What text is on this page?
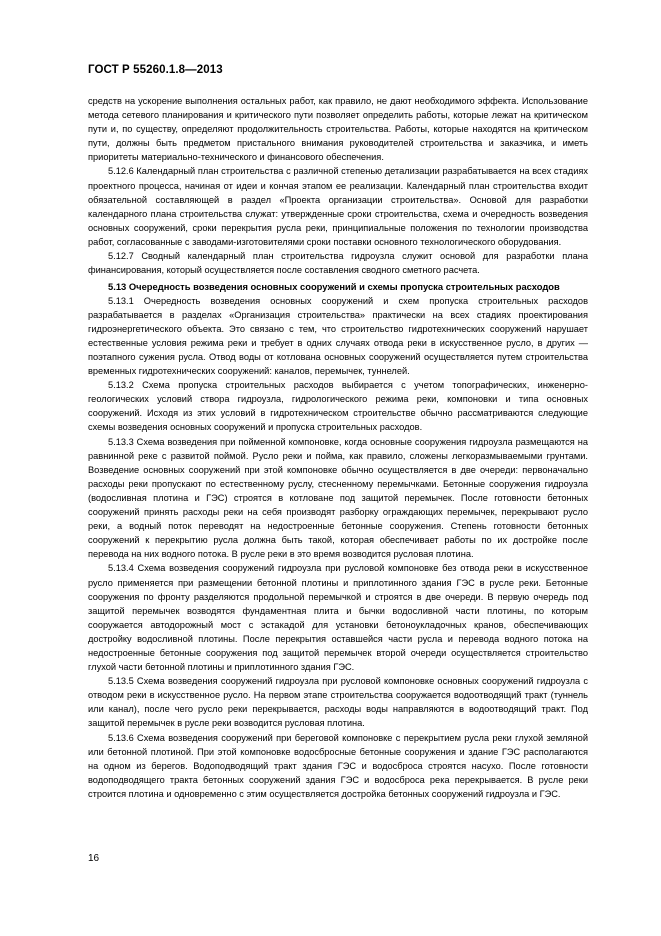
ГОСТ Р 55260.1.8—2013

средств на ускорение выполнения остальных работ, как правило, не дают необходимого эффекта. Использование метода сетевого планирования и критического пути позволяет определить работы, которые лежат на критическом пути и, по существу, определяют продолжительность строительства. Работы, которые находятся на критическом пути, должны быть предметом пристального внимания руководителей строительства и заказчика, и иметь приоритеты материально-технического и финансового обеспечения.

5.12.6 Календарный план строительства с различной степенью детализации разрабатывается на всех стадиях проектного процесса, начиная от идеи и кончая этапом ее реализации. Календарный план строительства входит обязательной составляющей в раздел «Проекта организации строительства». Основой для разработки календарного плана строительства служат: утвержденные сроки строительства, схема и очередность возведения основных сооружений, сроки перекрытия русла реки, принципиальные положения по технологии производства работ, согласованные с заводами-изготовителями сроки поставки основного технологического оборудования.

5.12.7 Сводный календарный план строительства гидроузла служит основой для разработки плана финансирования, который осуществляется после составления сводного сметного расчета.

5.13 Очередность возведения основных сооружений и схемы пропуска строительных расходов

5.13.1 Очередность возведения основных сооружений и схем пропуска строительных расходов разрабатывается в разделах «Организация строительства» практически на всех стадиях проектирования гидроэнергетического объекта. Это связано с тем, что строительство гидротехнических сооружений нарушает естественные условия режима реки и требует в одних случаях отвода реки в искусственное русло, в других — поэтапного сужения русла. Отвод воды от котлована основных сооружений осуществляется путем строительства временных гидротехнических сооружений: каналов, перемычек, туннелей.

5.13.2 Схема пропуска строительных расходов выбирается с учетом топографических, инженерно-геологических условий створа гидроузла, гидрологического режима реки, компоновки и типа основных сооружений. Исходя из этих условий в гидротехническом строительстве обычно рассматриваются следующие схемы возведения основных сооружений и пропуска строительных расходов.

5.13.3 Схема возведения при пойменной компоновке, когда основные сооружения гидроузла размещаются на равнинной реке с развитой поймой. Русло реки и пойма, как правило, сложены легкоразмываемыми грунтами. Возведение основных сооружений при этой компоновке обычно осуществляется в две очереди: первоначально расходы реки пропускают по естественному руслу, стесненному перемычками. Бетонные сооружения гидроузла (водосливная плотина и ГЭС) строятся в котловане под защитой перемычек. После готовности бетонных сооружений принять расходы реки на себя производят разборку ограждающих перемычек, перекрывают русло реки, а водный поток переводят на недостроенные бетонные сооружения. Степень готовности бетонных сооружений к перекрытию русла должна быть такой, которая обеспечивает работы по их достройке после перевода на них водного потока. В русле реки в это время возводится русловая плотина.

5.13.4 Схема возведения сооружений гидроузла при русловой компоновке без отвода реки в искусственное русло применяется при размещении бетонной плотины и приплотинного здания ГЭС в русле реки. Бетонные сооружения по фронту разделяются продольной перемычкой и строятся в две очереди. В первую очередь под защитой перемычек возводятся фундаментная плита и бычки водосливной части плотины, по которым сооружается автодорожный мост с эстакадой для установки бетоноукладочных кранов, обеспечивающих достройку водосливной плотины. После перекрытия оставшейся части русла и перевода водного потока на недостроенные бетонные сооружения под защитой перемычек второй очереди осуществляется строительство глухой части бетонной плотины и приплотинного здания ГЭС.

5.13.5 Схема возведения сооружений гидроузла при русловой компоновке основных сооружений гидроузла с отводом реки в искусственное русло. На первом этапе строительства сооружается водоотводящий тракт (туннель или канал), после чего русло реки перекрывается, расходы воды направляются в водоотводящий тракт. Под защитой перемычек в русле реки возводится русловая плотина.

5.13.6 Схема возведения сооружений при береговой компоновке с перекрытием русла реки глухой земляной или бетонной плотиной. При этой компоновке водосбросные бетонные сооружения и здание ГЭС располагаются на одном из берегов. Водоподводящий тракт здания ГЭС и водосброса строятся насухо. После готовности водоподводящего тракта бетонных сооружений здания ГЭС и водосброса река перекрывается. В русле реки строится плотина и одновременно с этим осуществляется достройка бетонных сооружений гидроузла и ГЭС.

16
